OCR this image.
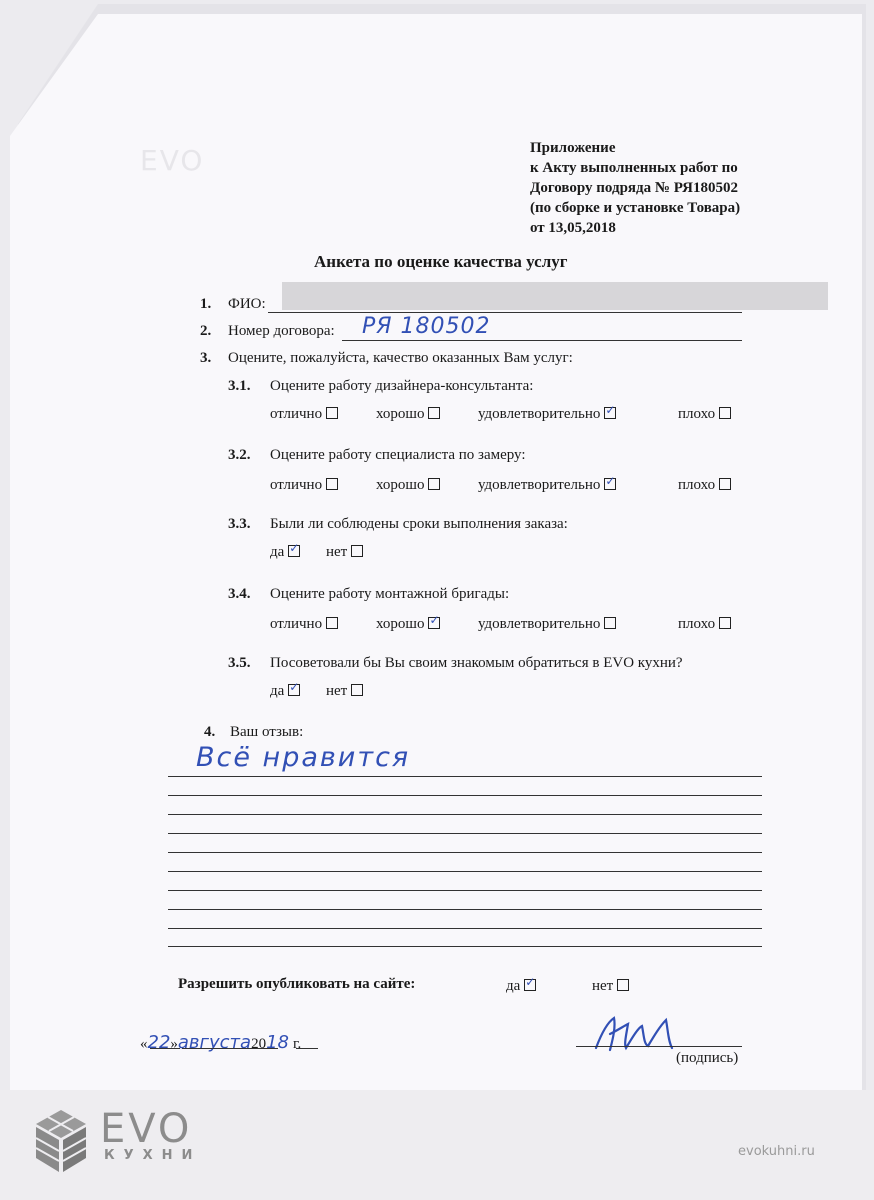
EVO	Приложение
к Акту выполненных работ по
Договору подряда № РЯ180502
(по сборке и установке Товара)
от 13,05,2018
Анкета по оценке качества услуг
1. ФИО:
2. Номер договора: РЯ 180502
3. Оцените, пожалуйста, качество оказанных Вам услуг:
3.1. Оцените работу дизайнера-консультанта:
отлично	хорошо	удовлетворительно ✓	плохо
3.2. Оцените работу специалиста по замеру:
отлично	хорошо	удовлетворительно ✓	плохо
3.3. Были ли соблюдены сроки выполнения заказа:
да ✓	нет
3.4. Оцените работу монтажной бригады:
отлично	хорошо ✓	удовлетворительно	плохо
3.5. Посоветовали бы Вы своим знакомым обратиться в EVO кухни?
да ✓	нет
4. Ваш отзыв:
Всё нравится
Разрешить опубликовать на сайте:	да ✓	нет
«22»августа2018 г.
(подпись)
EVO
КУХНИ	evokuhni.ru
